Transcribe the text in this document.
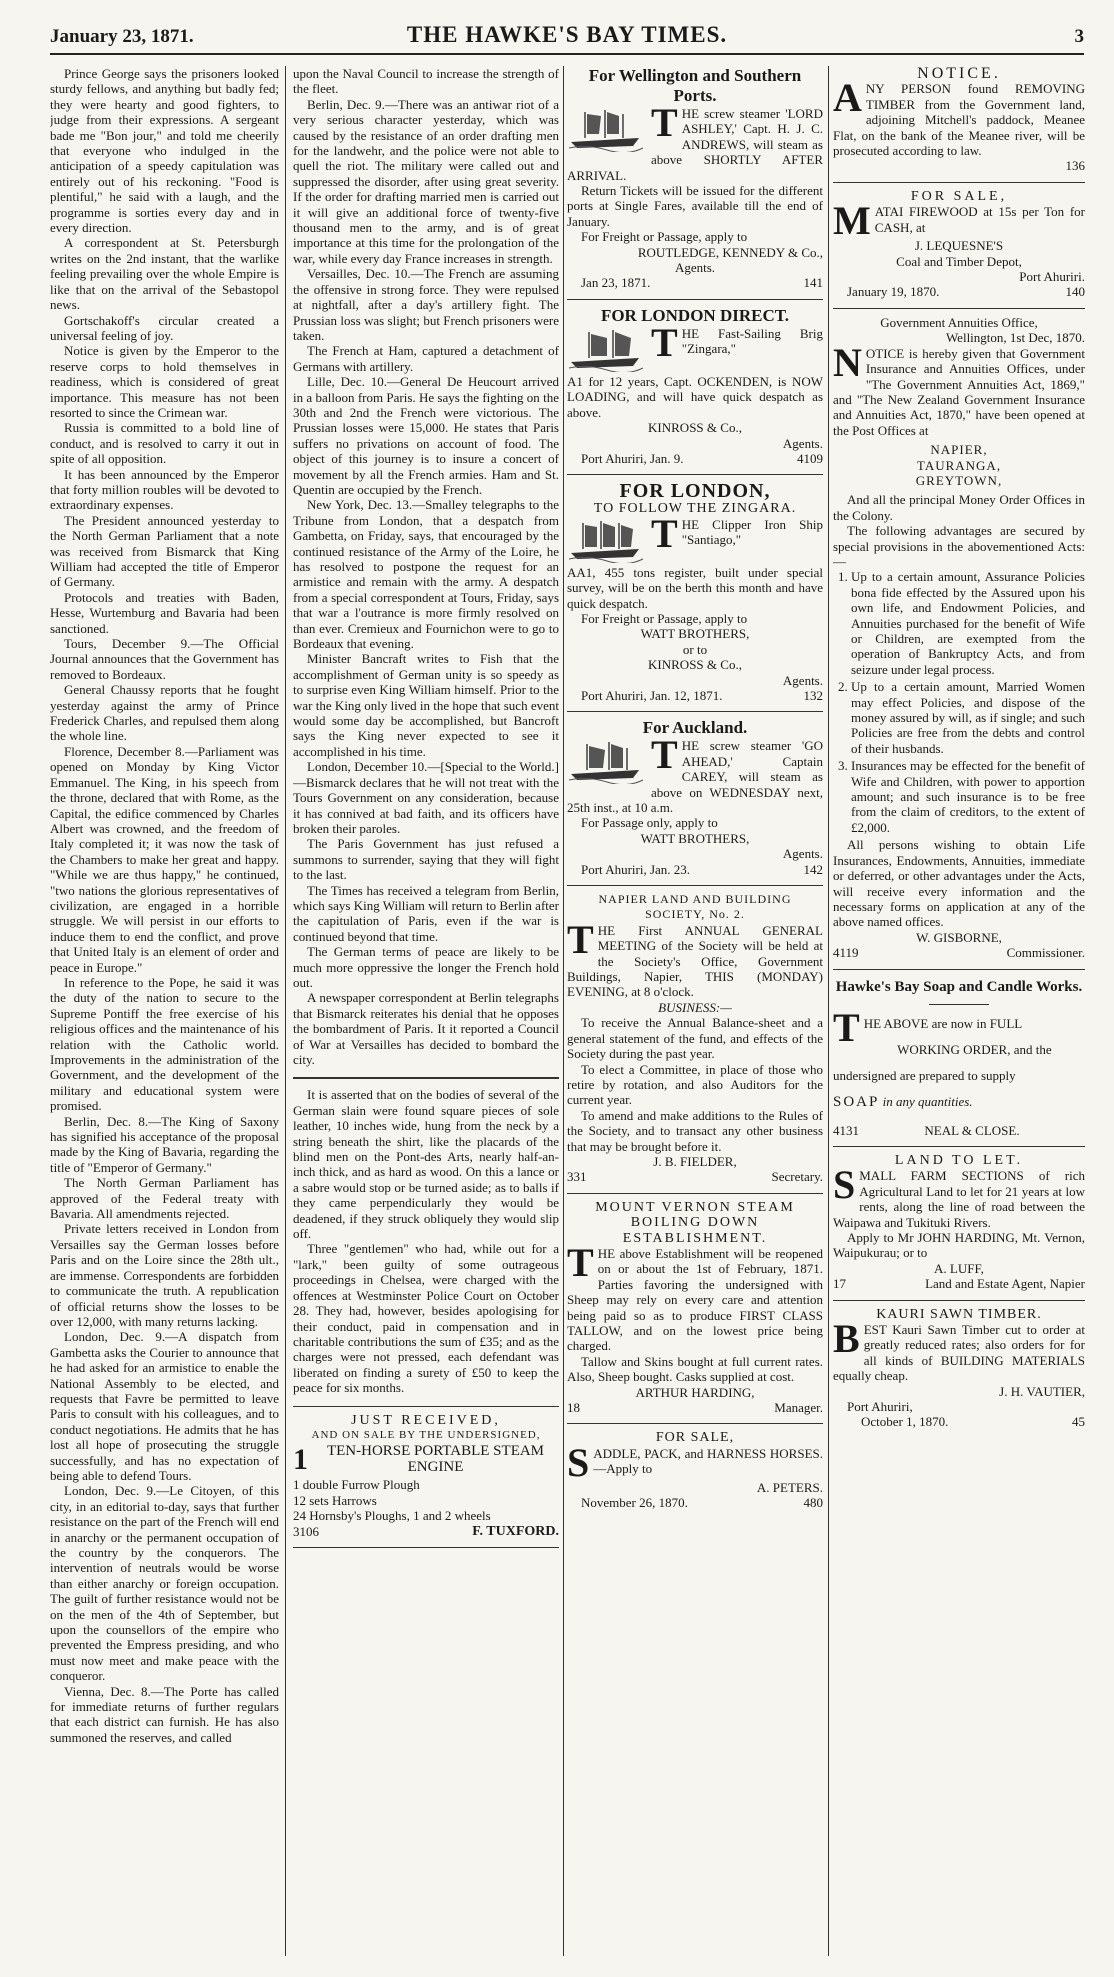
January 23, 1871.	THE HAWKE'S BAY TIMES.	3

Prince George says the prisoners looked sturdy fellows, and anything but badly fed; they were hearty and good fighters, to judge from their expressions. A sergeant bade me "Bon jour," and told me cheerily that everyone who indulged in the anticipation of a speedy capitulation was entirely out of his reckoning. "Food is plentiful," he said with a laugh, and the programme is sorties every day and in every direction.

A correspondent at St. Petersburgh writes on the 2nd instant, that the warlike feeling prevailing over the whole Empire is like that on the arrival of the Sebastopol news.

Gortschakoff's circular created a universal feeling of joy.

Notice is given by the Emperor to the reserve corps to hold themselves in readiness, which is considered of great importance. This measure has not been resorted to since the Crimean war.

Russia is committed to a bold line of conduct, and is resolved to carry it out in spite of all opposition.

It has been announced by the Emperor that forty million roubles will be devoted to extraordinary expenses.

The President announced yesterday to the North German Parliament that a note was received from Bismarck that King William had accepted the title of Emperor of Germany.

Protocols and treaties with Baden, Hesse, Wurtemburg and Bavaria had been sanctioned.

Tours, December 9.—The Official Journal announces that the Government has removed to Bordeaux.

General Chaussy reports that he fought yesterday against the army of Prince Frederick Charles, and repulsed them along the whole line.

Florence, December 8.—Parliament was opened on Monday by King Victor Emmanuel. The King, in his speech from the throne, declared that with Rome, as the Capital, the edifice commenced by Charles Albert was crowned, and the freedom of Italy completed it; it was now the task of the Chambers to make her great and happy. "While we are thus happy," he continued, "two nations the glorious representatives of civilization, are engaged in a horrible struggle. We will persist in our efforts to induce them to end the conflict, and prove that United Italy is an element of order and peace in Europe."

In reference to the Pope, he said it was the duty of the nation to secure to the Supreme Pontiff the free exercise of his religious offices and the maintenance of his relation with the Catholic world. Improvements in the administration of the Government, and the development of the military and educational system were promised.

Berlin, Dec. 8.—The King of Saxony has signified his acceptance of the proposal made by the King of Bavaria, regarding the title of "Emperor of Germany."

The North German Parliament has approved of the Federal treaty with Bavaria. All amendments rejected.

Private letters received in London from Versailles say the German losses before Paris and on the Loire since the 28th ult., are immense. Correspondents are forbidden to communicate the truth. A republication of official returns show the losses to be over 12,000, with many returns lacking.

London, Dec. 9.—A dispatch from Gambetta asks the Courier to announce that he had asked for an armistice to enable the National Assembly to be elected, and requests that Favre be permitted to leave Paris to consult with his colleagues, and to conduct negotiations. He admits that he has lost all hope of prosecuting the struggle successfully, and has no expectation of being able to defend Tours.

London, Dec. 9.—Le Citoyen, of this city, in an editorial to-day, says that further resistance on the part of the French will end in anarchy or the permanent occupation of the country by the conquerors. The intervention of neutrals would be worse than either anarchy or foreign occupation. The guilt of further resistance would not be on the men of the 4th of September, but upon the counsellors of the empire who prevented the Empress presiding, and who must now meet and make peace with the conqueror.

Vienna, Dec. 8.—The Porte has called for immediate returns of further regulars that each district can furnish. He has also summoned the reserves, and called

upon the Naval Council to increase the strength of the fleet.

Berlin, Dec. 9.—There was an antiwar riot of a very serious character yesterday, which was caused by the resistance of an order drafting men for the landwehr, and the police were not able to quell the riot. The military were called out and suppressed the disorder, after using great severity. If the order for drafting married men is carried out it will give an additional force of twenty-five thousand men to the army, and is of great importance at this time for the prolongation of the war, while every day France increases in strength.

Versailles, Dec. 10.—The French are assuming the offensive in strong force. They were repulsed at nightfall, after a day's artillery fight. The Prussian loss was slight; but French prisoners were taken.

The French at Ham, captured a detachment of Germans with artillery.

Lille, Dec. 10.—General De Heucourt arrived in a balloon from Paris. He says the fighting on the 30th and 2nd the French were victorious. The Prussian losses were 15,000. He states that Paris suffers no privations on account of food. The object of this journey is to insure a concert of movement by all the French armies. Ham and St. Quentin are occupied by the French.

New York, Dec. 13.—Smalley telegraphs to the Tribune from London, that a despatch from Gambetta, on Friday, says, that encouraged by the continued resistance of the Army of the Loire, he has resolved to postpone the request for an armistice and remain with the army. A despatch from a special correspondent at Tours, Friday, says that war a l'outrance is more firmly resolved on than ever. Cremieux and Fournichon were to go to Bordeaux that evening.

Minister Bancraft writes to Fish that the accomplishment of German unity is so speedy as to surprise even King William himself. Prior to the war the King only lived in the hope that such event would some day be accomplished, but Bancroft says the King never expected to see it accomplished in his time.

London, December 10.—[Special to the World.]—Bismarck declares that he will not treat with the Tours Government on any consideration, because it has connived at bad faith, and its officers have broken their paroles.

The Paris Government has just refused a summons to surrender, saying that they will fight to the last.

The Times has received a telegram from Berlin, which says King William will return to Berlin after the capitulation of Paris, even if the war is continued beyond that time.

The German terms of peace are likely to be much more oppressive the longer the French hold out.

A newspaper correspondent at Berlin telegraphs that Bismarck reiterates his denial that he opposes the bombardment of Paris. It it reported a Council of War at Versailles has decided to bombard the city.

It is asserted that on the bodies of several of the German slain were found square pieces of sole leather, 10 inches wide, hung from the neck by a string beneath the shirt, like the placards of the blind men on the Pont-des Arts, nearly half-an-inch thick, and as hard as wood. On this a lance or a sabre would stop or be turned aside; as to balls if they came perpendicularly they would be deadened, if they struck obliquely they would slip off.

Three "gentlemen" who had, while out for a "lark," been guilty of some outrageous proceedings in Chelsea, were charged with the offences at Westminster Police Court on October 28. They had, however, besides apologising for their conduct, paid in compensation and in charitable contributions the sum of £35; and as the charges were not pressed, each defendant was liberated on finding a surety of £50 to keep the peace for six months.

JUST RECEIVED,
AND ON SALE BY THE UNDERSIGNED,
1	TEN-HORSE PORTABLE STEAM ENGINE
1 double Furrow Plough
12 sets Harrows
24 Hornsby's Ploughs, 1 and 2 wheels
3106	F. TUXFORD.
For Wellington and Southern Ports.

THE screw steamer 'LORD ASHLEY,' Capt. H. J. C. ANDREWS, will steam as above SHORTLY AFTER ARRIVAL.

Return Tickets will be issued for the different ports at Single Fares, available till the end of January.

For Freight or Passage, apply to

ROUTLEDGE, KENNEDY & Co.,
Agents.
Jan 23, 1871.	141
FOR LONDON DIRECT.

THE Fast-Sailing Brig "Zingara,"

A1 for 12 years, Capt. OCKENDEN, is NOW LOADING, and will have quick despatch as above.

KINROSS & Co.,
Agents.
Port Ahuriri, Jan. 9.	4109
FOR LONDON,
TO FOLLOW THE ZINGARA.

THE Clipper Iron Ship "Santiago,"

AA1, 455 tons register, built under special survey, will be on the berth this month and have quick despatch.

For Freight or Passage, apply to

WATT BROTHERS,
or to
KINROSS & Co.,
Agents.
Port Ahuriri, Jan. 12, 1871.	132
For Auckland.

THE screw steamer 'GO AHEAD,' Captain CAREY, will steam as above on WEDNESDAY next, 25th inst., at 10 a.m.

For Passage only, apply to

WATT BROTHERS,
Agents.
Port Ahuriri, Jan. 23.	142
NAPIER LAND AND BUILDING SOCIETY, No. 2.

THE First ANNUAL GENERAL MEETING of the Society will be held at the Society's Office, Government Buildings, Napier, THIS (MONDAY) EVENING, at 8 o'clock.

BUSINESS:—

To receive the Annual Balance-sheet and a general statement of the fund, and effects of the Society during the past year.

To elect a Committee, in place of those who retire by rotation, and also Auditors for the current year.

To amend and make additions to the Rules of the Society, and to transact any other business that may be brought before it.

J. B. FIELDER,
331	Secretary.
MOUNT VERNON STEAM BOILING DOWN ESTABLISHMENT.

THE above Establishment will be reopened on or about the 1st of February, 1871. Parties favoring the undersigned with Sheep may rely on every care and attention being paid so as to produce FIRST CLASS TALLOW, and on the lowest price being charged.

Tallow and Skins bought at full current rates. Also, Sheep bought. Casks supplied at cost.

ARTHUR HARDING,
18	Manager.
FOR SALE,

SADDLE, PACK, and HARNESS HORSES.—Apply to

A. PETERS.
November 26, 1870.	480
NOTICE.

ANY PERSON found REMOVING TIMBER from the Government land, adjoining Mitchell's paddock, Meanee Flat, on the bank of the Meanee river, will be prosecuted according to law.

136
FOR SALE,

MATAI FIREWOOD at 15s per Ton for CASH, at

J. LEQUESNE'S
Coal and Timber Depot,
Port Ahuriri.
January 19, 1870.	140
Government Annuities Office,
Wellington, 1st Dec, 1870.

NOTICE is hereby given that Government Insurance and Annuities Offices, under "The Government Annuities Act, 1869," and "The New Zealand Government Insurance and Annuities Act, 1870," have been opened at the Post Offices at

NAPIER,
TAURANGA,
GREYTOWN,

And all the principal Money Order Offices in the Colony.

The following advantages are secured by special provisions in the abovementioned Acts:—

1. Up to a certain amount, Assurance Policies bona fide effected by the Assured upon his own life, and Endowment Policies, and Annuities purchased for the benefit of Wife or Children, are exempted from the operation of Bankruptcy Acts, and from seizure under legal process.
2. Up to a certain amount, Married Women may effect Policies, and dispose of the money assured by will, as if single; and such Policies are free from the debts and control of their husbands.
3. Insurances may be effected for the benefit of Wife and Children, with power to apportion amount; and such insurance is to be free from the claim of creditors, to the extent of £2,000.

All persons wishing to obtain Life Insurances, Endowments, Annuities, immediate or deferred, or other advantages under the Acts, will receive every information and the necessary forms on application at any of the above named offices.

W. GISBORNE,
4119	Commissioner.
Hawke's Bay Soap and Candle Works.
T HE ABOVE are now in FULL
WORKING ORDER, and the
undersigned are prepared to supply
SOAP in any quantities.
4131	NEAL & CLOSE.
LAND TO LET.

SMALL FARM SECTIONS of rich Agricultural Land to let for 21 years at low rents, along the line of road between the Waipawa and Tukituki Rivers.

Apply to Mr JOHN HARDING, Mt. Vernon, Waipukurau; or to

A. LUFF,
17	Land and Estate Agent, Napier
KAURI SAWN TIMBER.

BEST Kauri Sawn Timber cut to order at greatly reduced rates; also orders for for all kinds of BUILDING MATERIALS equally cheap.

J. H. VAUTIER,
Port Ahuriri,
October 1, 1870.	45
